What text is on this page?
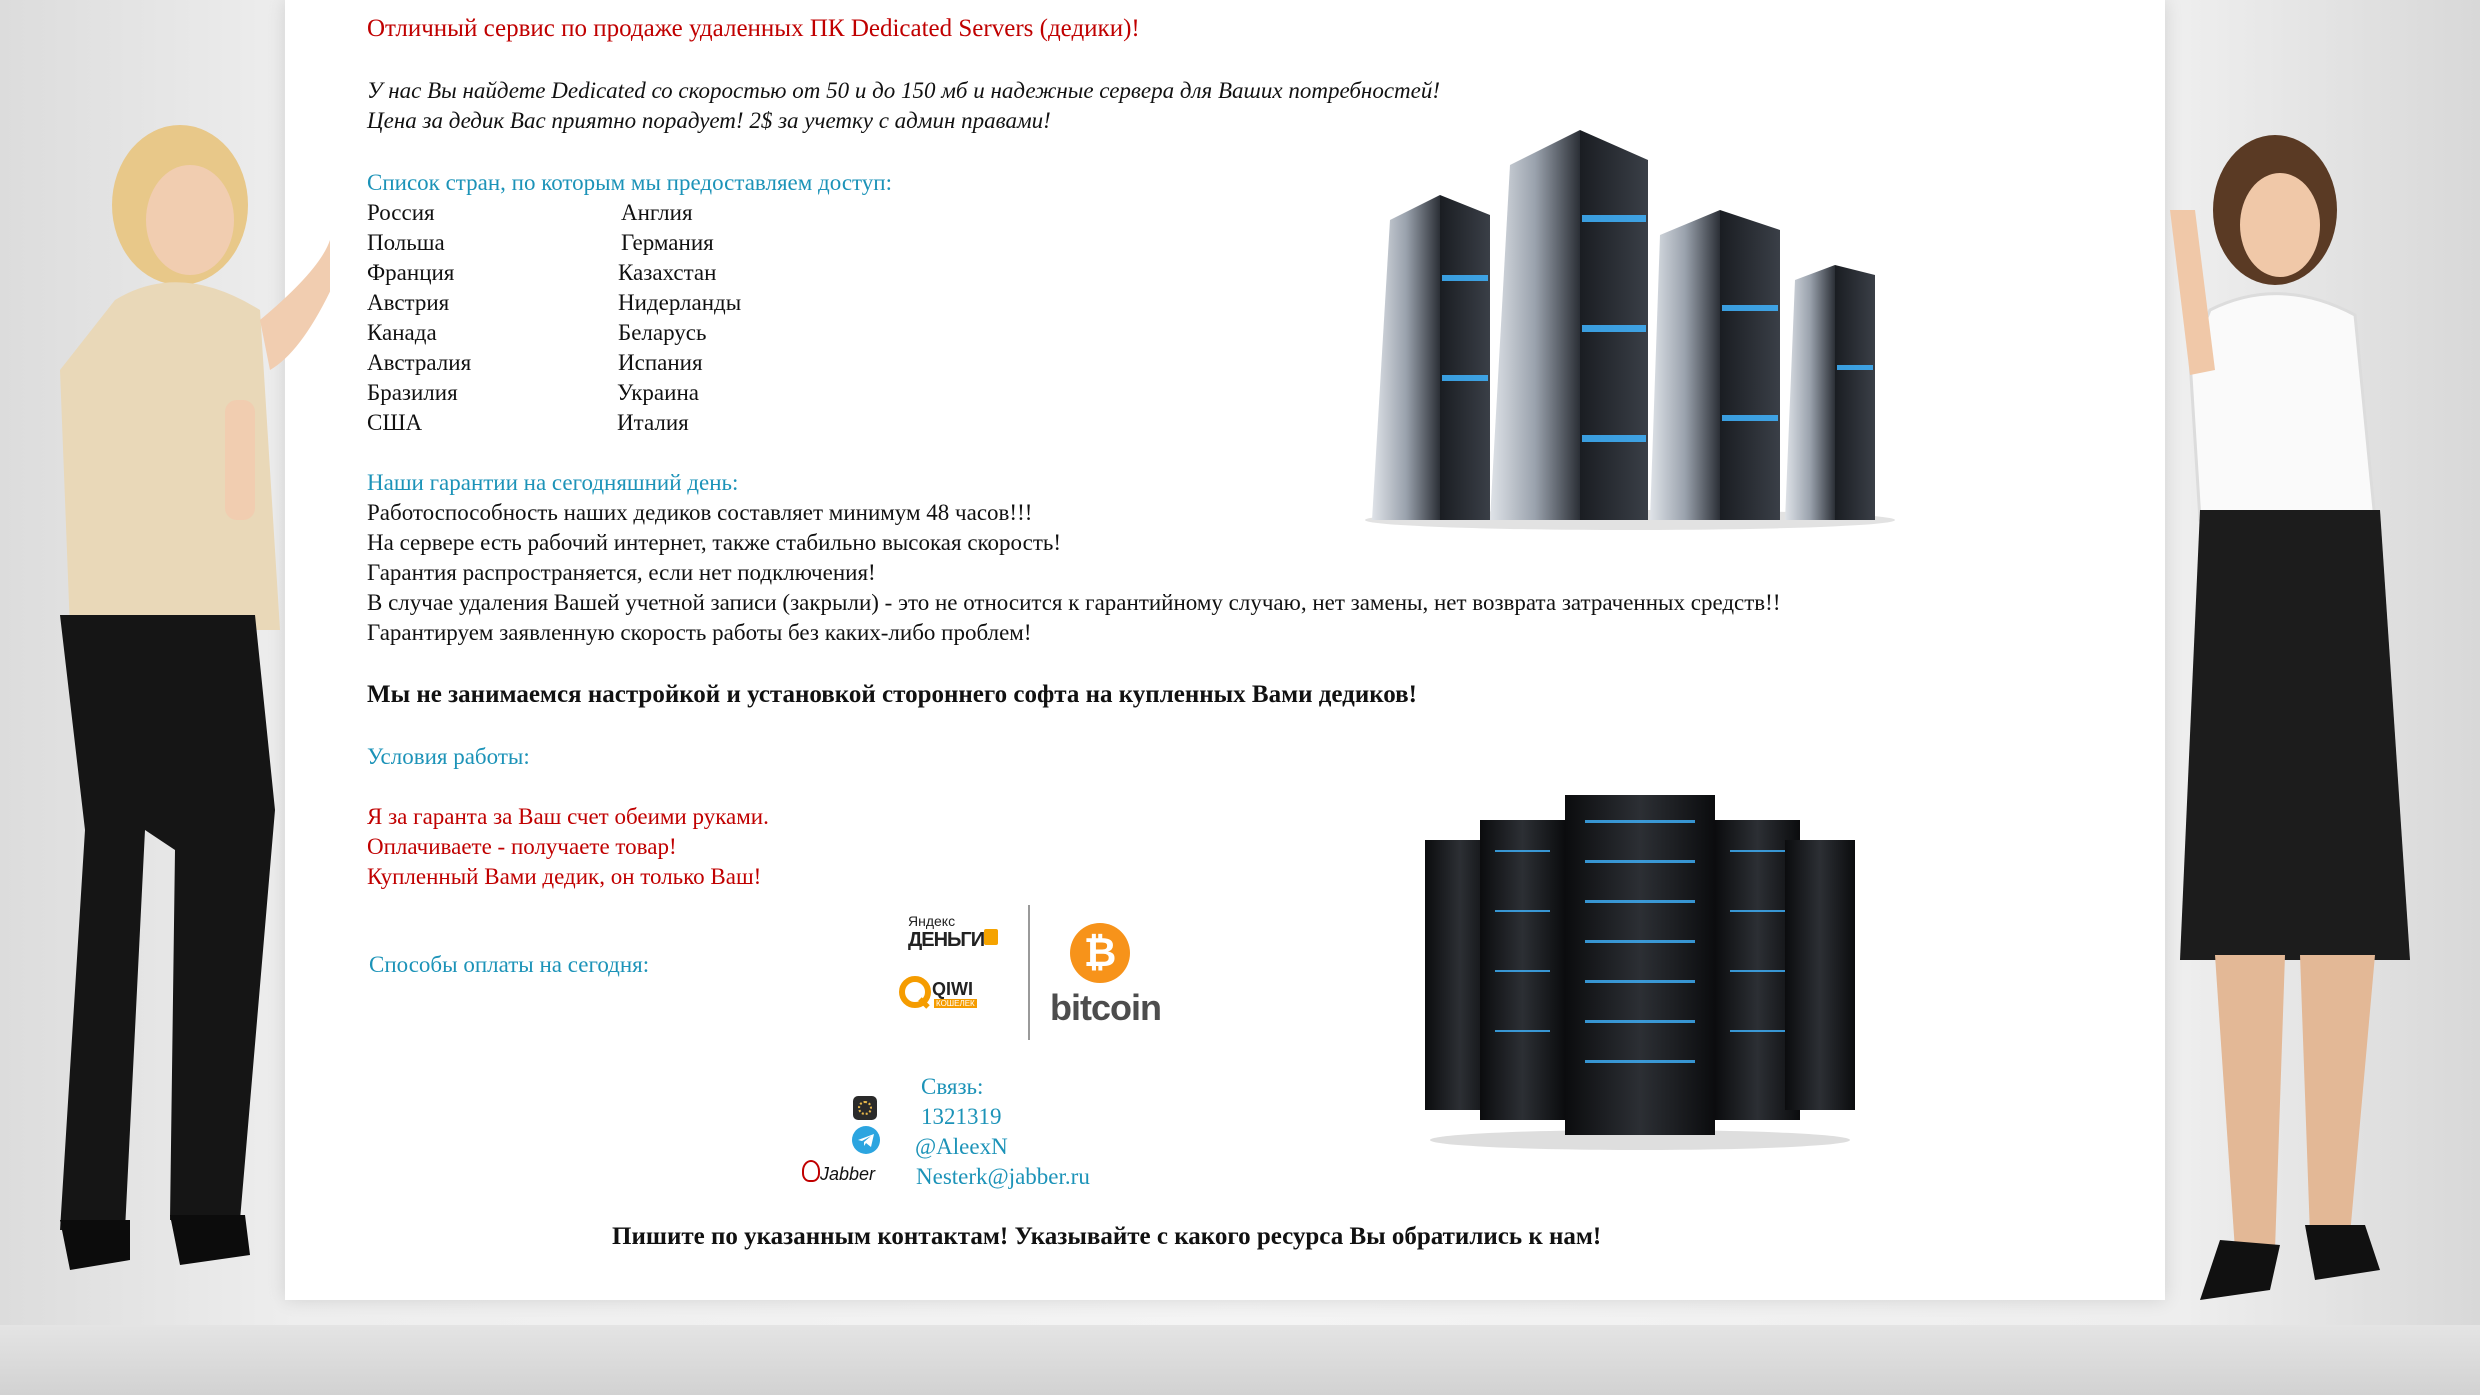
Отличный сервис по продаже удаленных ПК Dedicated Servers (дедики)!
У нас Вы найдете Dedicated со скоростью от 50 и до 150 мб и надежные сервера для Ваших потребностей!
Цена за дедик Вас приятно порадует! 2$ за учетку с админ правами!
Список стран, по которым мы предоставляем доступ:
Россия
Польша
Франция
Австрия
Канада
Австралия
Бразилия
США
Англия
Германия
Казахстан
Нидерланды
Беларусь
Испания
Украина
Италия
Наши гарантии на сегодняшний день:
Работоспособность наших дедиков составляет минимум 48 часов!!!
На сервере есть рабочий интернет, также стабильно высокая скорость!
Гарантия распространяется, если нет подключения!
В случае удаления Вашей учетной записи (закрыли) - это не относится к гарантийному случаю, нет замены, нет возврата затраченных средств!!
Гарантируем заявленную скорость работы без каких-либо проблем!
Мы не занимаемся настройкой и установкой стороннего софта на купленных Вами дедиков!
Условия работы:
Я за гаранта за Ваш счет обеими руками.
Оплачиваете - получаете товар!
Купленный Вами дедик, он только Ваш!
Способы оплаты на сегодня:
Связь:
1321319
@AleexN
Nesterk@jabber.ru
Пишите по указанным контактам! Указывайте с какого ресурса Вы обратились к нам!
Яндекс
ДЕНЬГИ
QIWI
КОШЕЛЕК
₿
bitcoin
Jabber
